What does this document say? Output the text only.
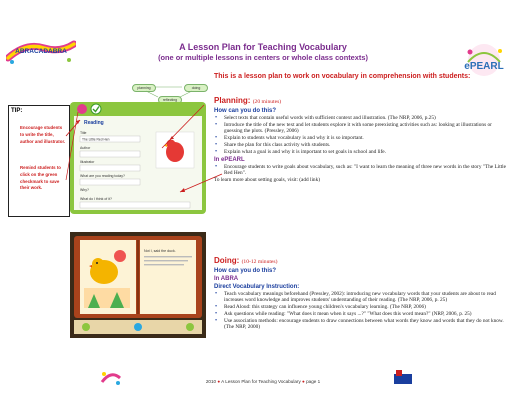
A Lesson Plan for Teaching Vocabulary
(one or multiple lessons in centers or whole class contexts)
ABRACADABRA
ePEARL
planning	doing
reflecting
This is a lesson plan to work on vocabulary in comprehension with students:
TIP:
Encourage students to write the title, author and illustrator.
Remind students to click on the green checkmark to save their work.
Reading
Title
The Little Red Hen
Author
Illustrator
What are you reading today?
Why?
What do I think of it?
Not I, said the duck.
Planning: (20 minutes)
How can you do this?
• Select texts that contain useful words with sufficient context and illustration. (The NRP, 2006, p.25)
• Introduce the title of the new text and let students explore it with some preexisting activities such as: looking at illustrations or guessing the plots. (Pressley, 2006)
• Explain to students what vocabulary is and why it is so important.
• Share the plan for this class activity with students.
• Explain what a goal is and why it is important to set goals in school and life.
In ePEARL
• Encourage students to write goals about vocabulary, such as: "I want to learn the meaning of three new words in the story "The Little Red Hen".
To learn more about setting goals, visit: (add link)
Doing: (10-12 minutes)
How can you do this?
In ABRA
Direct Vocabulary Instruction:
• Teach vocabulary meanings beforehand (Pressley, 2002): introducing new vocabulary words that your students are about to read increases word knowledge and improves students' understanding of their reading. (The NRP, 2006, p. 25)
• Read Aloud: this strategy can influence young children's vocabulary learning. (The NRP, 2006)
• Ask questions while reading: "What does it mean when it says ...?" "What does this word mean?" (NRP, 2006, p. 25)
• Use association methods: encourage students to draw connections between what words they know and words that they do not know. (The NRP, 2000)
2010 ● A Lesson Plan for Teaching Vocabulary ● page 1
